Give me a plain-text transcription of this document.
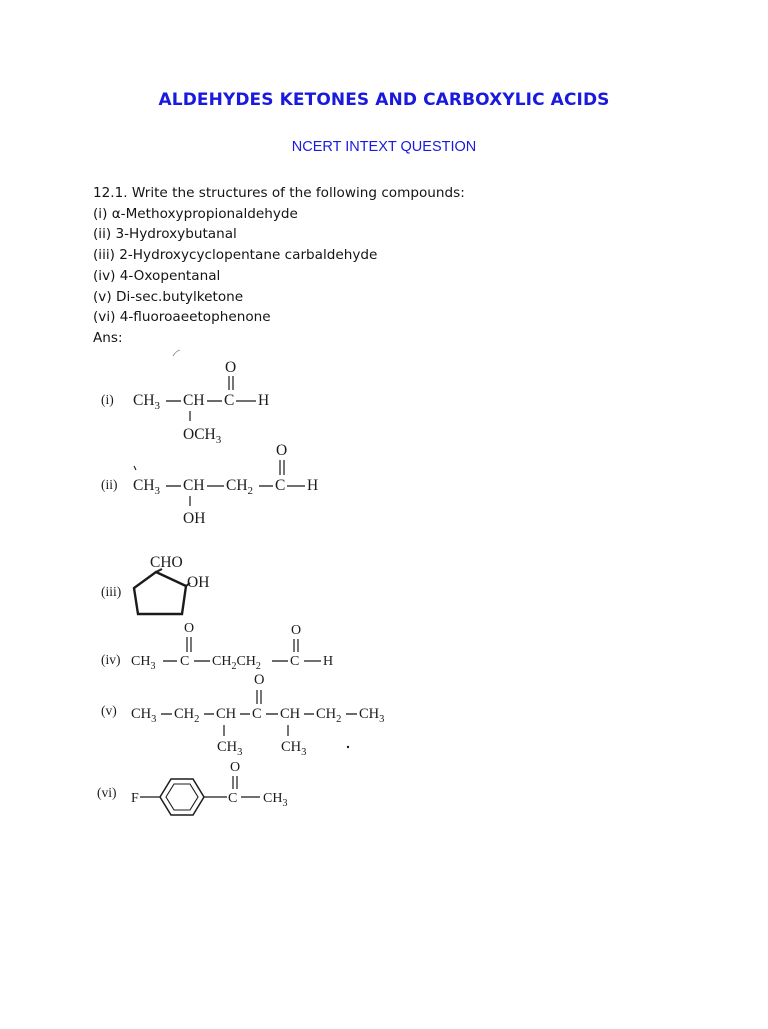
ALDEHYDES KETONES AND CARBOXYLIC ACIDS
NCERT INTEXT QUESTION
12.1. Write the structures of the following compounds:
(i) α-Methoxypropionaldehyde
(ii) 3-Hydroxybutanal
(iii) 2-Hydroxycyclopentane carbaldehyde
(iv) 4-Oxopentanal
(v) Di-sec.butylketone
(vi) 4-fluoroaeetophenone
Ans:
(i) $CH_3$ CH C H
O
$OCH_3$
(ii) $CH_3$ CH $CH_2$ C H
O
OH
(iii)
CHO
OH
(iv) $CH_3$ C
O
$CH_2CH_2$ C
O
H
(v) $CH_3$ $CH_2$ CH C
O
CH $CH_2$ $CH_3$
$CH_3$	$CH_3$
(vi) F	C
O
$CH_3$
